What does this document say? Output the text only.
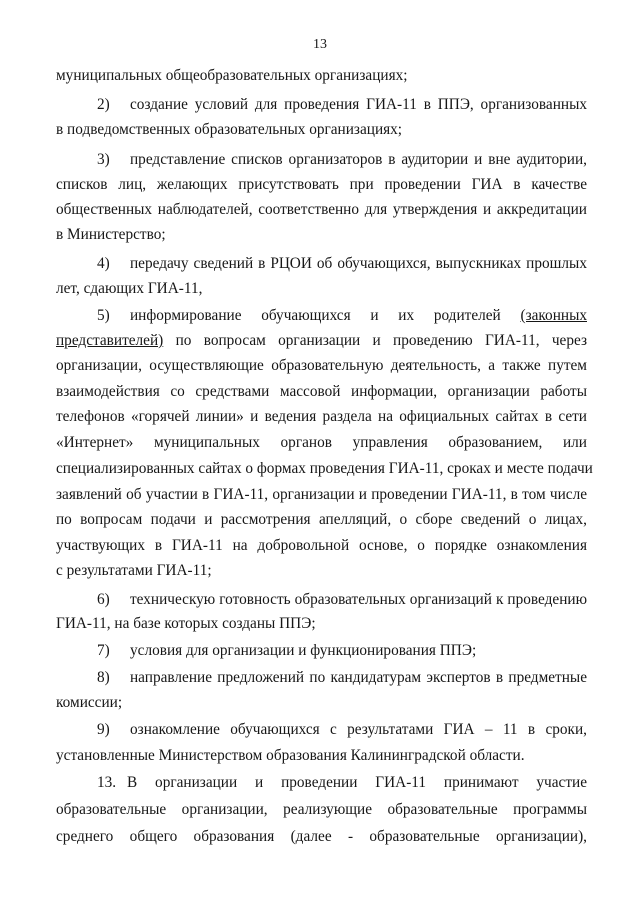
13
муниципальных общеобразовательных организациях;
2) создание условий для проведения ГИА-11 в ППЭ, организованных
в подведомственных образовательных организациях;
3) представление списков организаторов в аудитории и вне аудитории,
списков лиц, желающих присутствовать при проведении ГИА в качестве
общественных наблюдателей, соответственно для утверждения и аккредитации
в Министерство;
4) передачу сведений в РЦОИ об обучающихся, выпускниках прошлых
лет, сдающих ГИА-11,
5) информирование обучающихся и их родителей (законных
представителей) по вопросам организации и проведению ГИА-11, через
организации, осуществляющие образовательную деятельность, а также путем
взаимодействия со средствами массовой информации, организации работы
телефонов «горячей линии» и ведения раздела на официальных сайтах в сети
«Интернет» муниципальных органов управления образованием, или
специализированных сайтах о формах проведения ГИА-11, сроках и месте подачи
заявлений об участии в ГИА-11, организации и проведении ГИА-11, в том числе
по вопросам подачи и рассмотрения апелляций, о сборе сведений о лицах,
участвующих в ГИА-11 на добровольной основе, о порядке ознакомления
с результатами ГИА-11;
6) техническую готовность образовательных организаций к проведению
ГИА-11, на базе которых созданы ППЭ;
7) условия для организации и функционирования ППЭ;
8) направление предложений по кандидатурам экспертов в предметные
комиссии;
9) ознакомление обучающихся с результатами ГИА – 11 в сроки,
установленные Министерством образования Калининградской области.
13. В организации и проведении ГИА-11 принимают участие
образовательные организации, реализующие образовательные программы
среднего общего образования (далее - образовательные организации),
